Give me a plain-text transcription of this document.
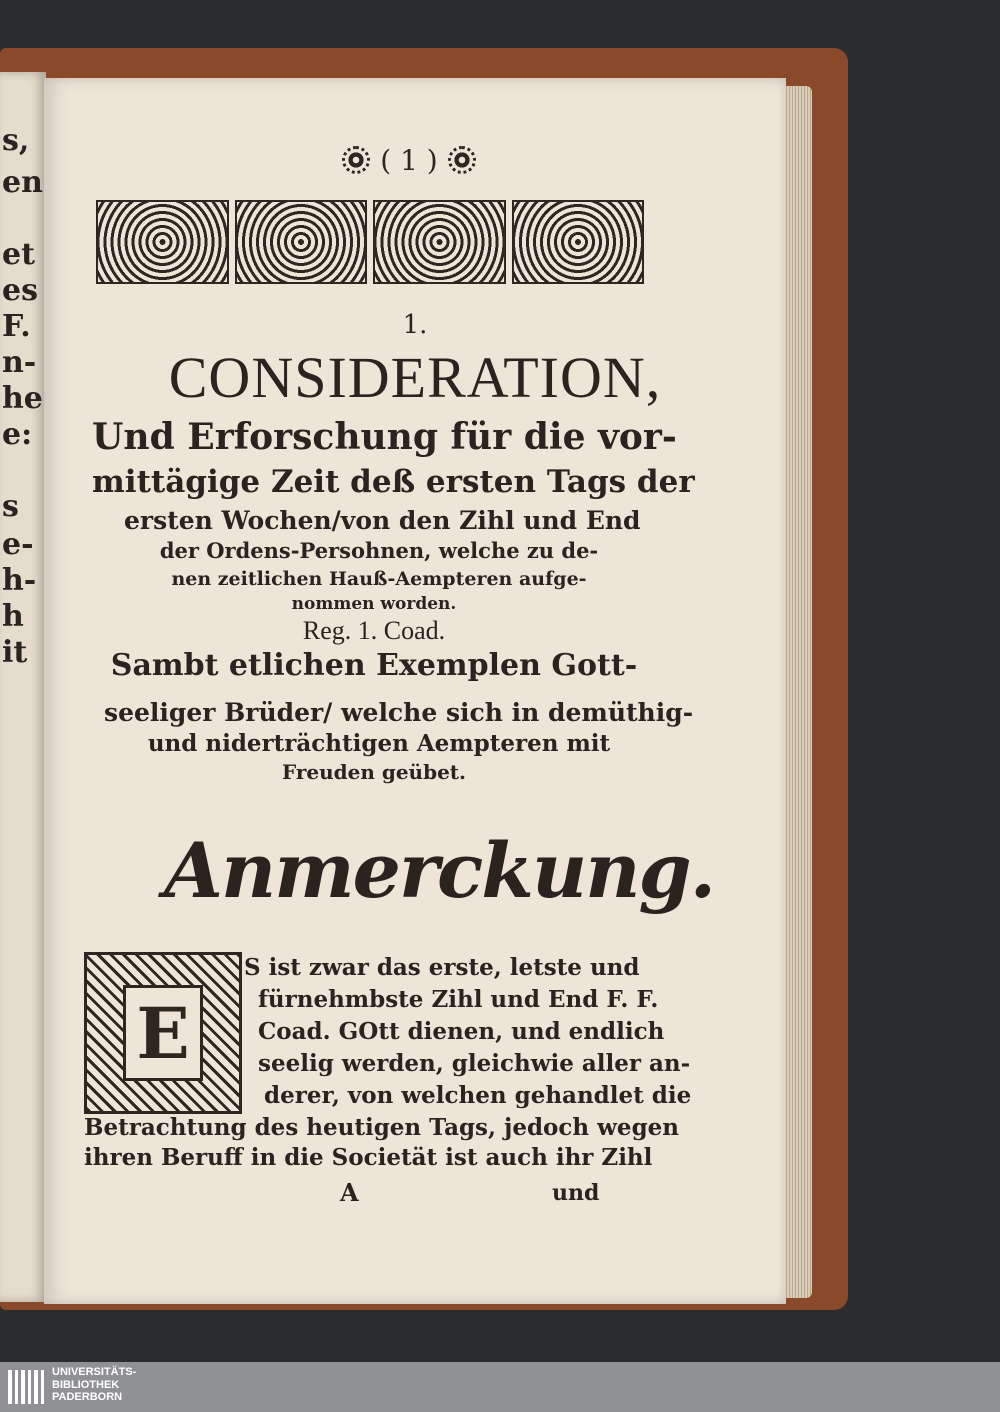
s,
en
et
es
F.
n-
he
e:
s
e-
h-
h
it
( 1 )
1.
CONSIDERATION,
Und Erforschung für die vor-
mittägige Zeit deß ersten Tags der
ersten Wochen/von den Zihl und End
der Ordens-Persohnen, welche zu de-
nen zeitlichen Hauß-Aempteren aufge-
nommen worden.
Reg. 1. Coad.
Sambt etlichen Exemplen Gott-
seeliger Brüder/ welche sich in demüthig-
und niderträchtigen Aempteren mit
Freuden geübet.
Anmerckung.
E
S ist zwar das erste, letste und
fürnehmbste Zihl und End F. F.
Coad. GOtt dienen, und endlich
seelig werden, gleichwie aller an-
derer, von welchen gehandlet die
Betrachtung des heutigen Tags, jedoch wegen
ihren Beruff in die Societät ist auch ihr Zihl
A	und
UNIVERSITÄTS-
BIBLIOTHEK
PADERBORN
